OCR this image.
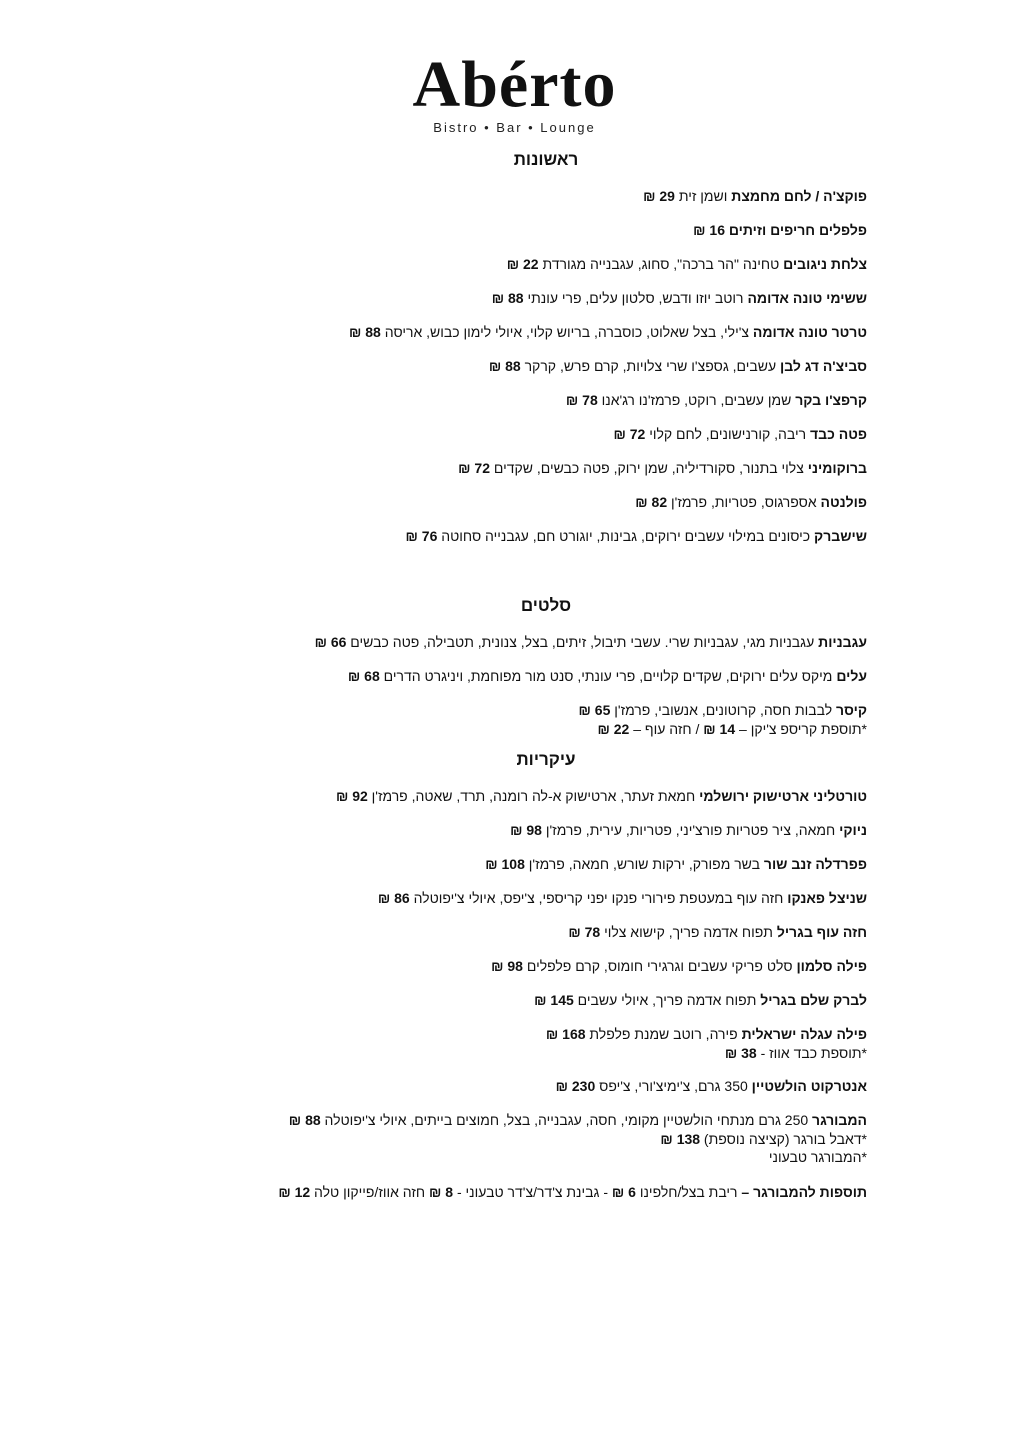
Abérto
Bistro • Bar • Lounge
ראשונות
פוקצ'ה / לחם מחמצת ושמן זית 29 ₪
פלפלים חריפים וזיתים 16 ₪
צלחת ניגובים טחינה "הר ברכה", סחוג, עגבנייה מגורדת 22 ₪
ששימי טונה אדומה רוטב יוזו ודבש, סלטון עלים, פרי עונתי 88 ₪
טרטר טונה אדומה צ'ילי, בצל שאלוט, כוסברה, בריוש קלוי, איולי לימון כבוש, אריסה 88 ₪
סביצ'ה דג לבן עשבים, גספצ'ו שרי צלויות, קרם פרש, קרקר 88 ₪
קרפצ'ו בקר שמן עשבים, רוקט, פרמז'נו רג'אנו 78 ₪
פטה כבד ריבה, קורנישונים, לחם קלוי 72 ₪
ברוקומיני צלוי בתנור, סקורדיליה, שמן ירוק, פטה כבשים, שקדים 72 ₪
פולנטה אספרגוס, פטריות, פרמז'ן 82 ₪
שישברק כיסונים במילוי עשבים ירוקים, גבינות, יוגורט חם, עגבנייה סחוטה 76 ₪
סלטים
עגבניות עגבניות מגי, עגבניות שרי. עשבי תיבול, זיתים, בצל, צנונית, תטבילה, פטה כבשים 66 ₪
עלים מיקס עלים ירוקים, שקדים קלויים, פרי עונתי, סנט מור מפוחמת, ויניגרט הדרים 68 ₪
קיסר לבבות חסה, קרוטונים, אנשובי, פרמז'ן 65 ₪
*תוספת קריספ צ'יקן – 14 ₪ / חזה עוף – 22 ₪
עיקריות
טורטליני ארטישוק ירושלמי חמאת זעתר, ארטישוק א-לה רומנה, תרד, שאטה, פרמז'ן 92 ₪
ניוקי חמאה, ציר פטריות פורצ'יני, פטריות, עירית, פרמז'ן 98 ₪
פפרדלה זנב שור בשר מפורק, ירקות שורש, חמאה, פרמז'ן 108 ₪
שניצל פאנקו חזה עוף במעטפת פירורי פנקו יפני קריספי, צ'יפס, איולי צ'יפוטלה 86 ₪
חזה עוף בגריל תפוח אדמה פריך, קישוא צלוי 78 ₪
פילה סלמון סלט פריקי עשבים וגרגירי חומוס, קרם פלפלים 98 ₪
לברק שלם בגריל תפוח אדמה פריך, איולי עשבים 145 ₪
פילה עגלה ישראלית פירה, רוטב שמנת פלפלת 168 ₪
*תוספת כבד אווז - 38 ₪
אנטרקוט הולשטיין 350 גרם, צ'ימיצ'ורי, צ'יפס 230 ₪
המבורגר 250 גרם מנתחי הולשטיין מקומי, חסה, עגבנייה, בצל, חמוצים בייתים, איולי צ'יפוטלה 88 ₪
*דאבל בורגר (קציצה נוספת) 138 ₪
*המבורגר טבעוני
תוספות להמבורגר – ריבת בצל/חלפינו 6 ₪ - גבינת צ'דר/צ'דר טבעוני - 8 ₪ חזה אווז/פייקון טלה 12 ₪
